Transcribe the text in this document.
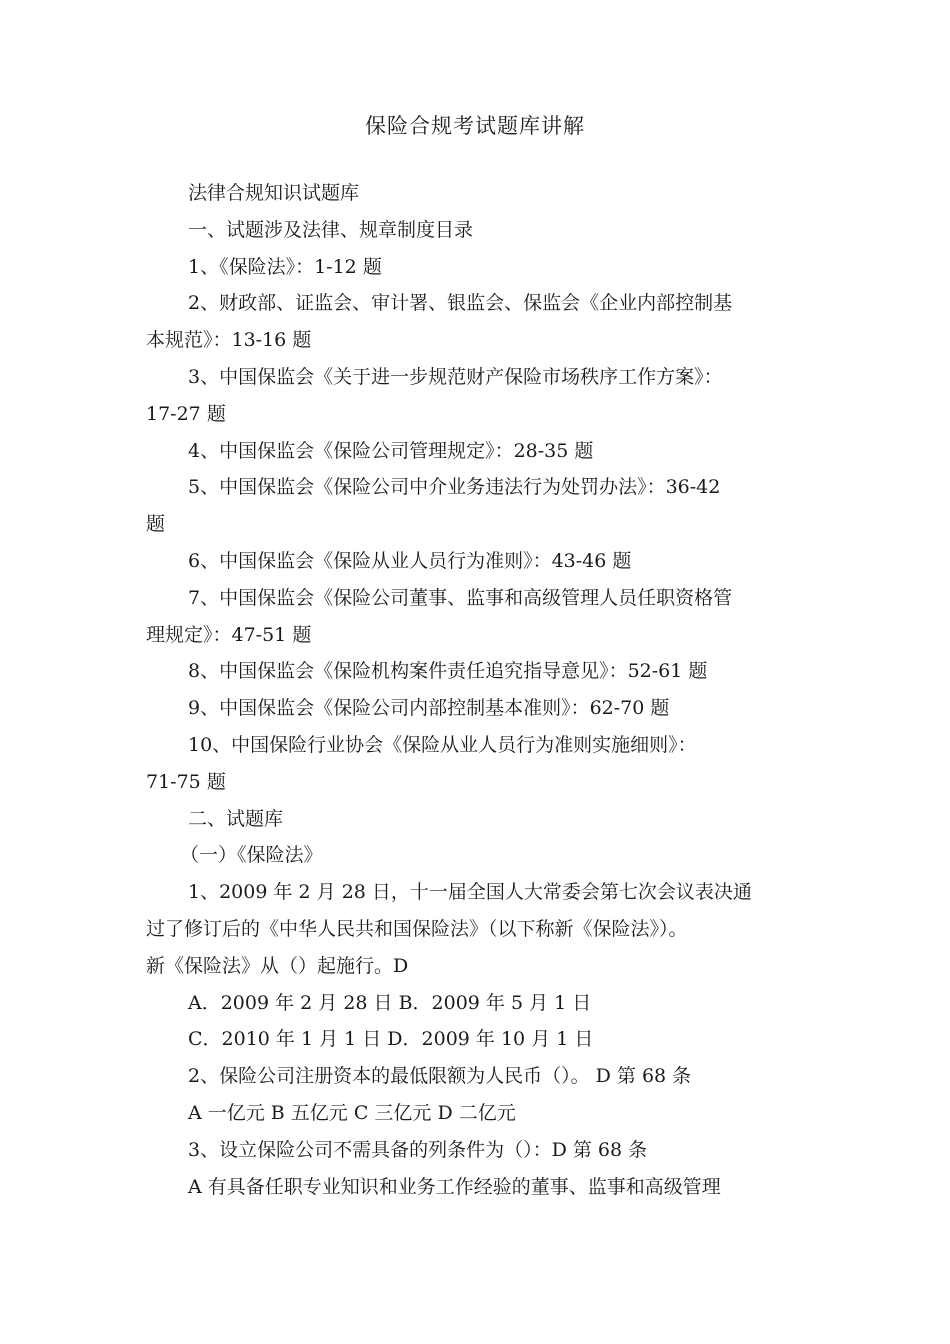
保险合规考试题库讲解
法律合规知识试题库
一、试题涉及法律、规章制度目录
1、《保险法》：1-12 题
2、财政部、证监会、审计署、银监会、保监会《企业内部控制基
本规范》：13-16 题
3、中国保监会《关于进一步规范财产保险市场秩序工作方案》：
17-27 题
4、中国保监会《保险公司管理规定》：28-35 题
5、中国保监会《保险公司中介业务违法行为处罚办法》：36-42
题
6、中国保监会《保险从业人员行为准则》：43-46 题
7、中国保监会《保险公司董事、监事和高级管理人员任职资格管
理规定》：47-51 题
8、中国保监会《保险机构案件责任追究指导意见》：52-61 题
9、中国保监会《保险公司内部控制基本准则》：62-70 题
10、中国保险行业协会《保险从业人员行为准则实施细则》：
71-75 题
二、试题库
（一）《保险法》
1、2009 年 2 月 28 日，十一届全国人大常委会第七次会议表决通
过了修订后的《中华人民共和国保险法》（以下称新《保险法》）。
新《保险法》从（）起施行。D
A．2009 年 2 月 28 日 B．2009 年 5 月 1 日
C．2010 年 1 月 1 日 D．2009 年 10 月 1 日
2、保险公司注册资本的最低限额为人民币（）。 D 第 68 条
A 一亿元 B 五亿元 C 三亿元 D 二亿元
3、设立保险公司不需具备的列条件为（）：D 第 68 条
A 有具备任职专业知识和业务工作经验的董事、监事和高级管理
